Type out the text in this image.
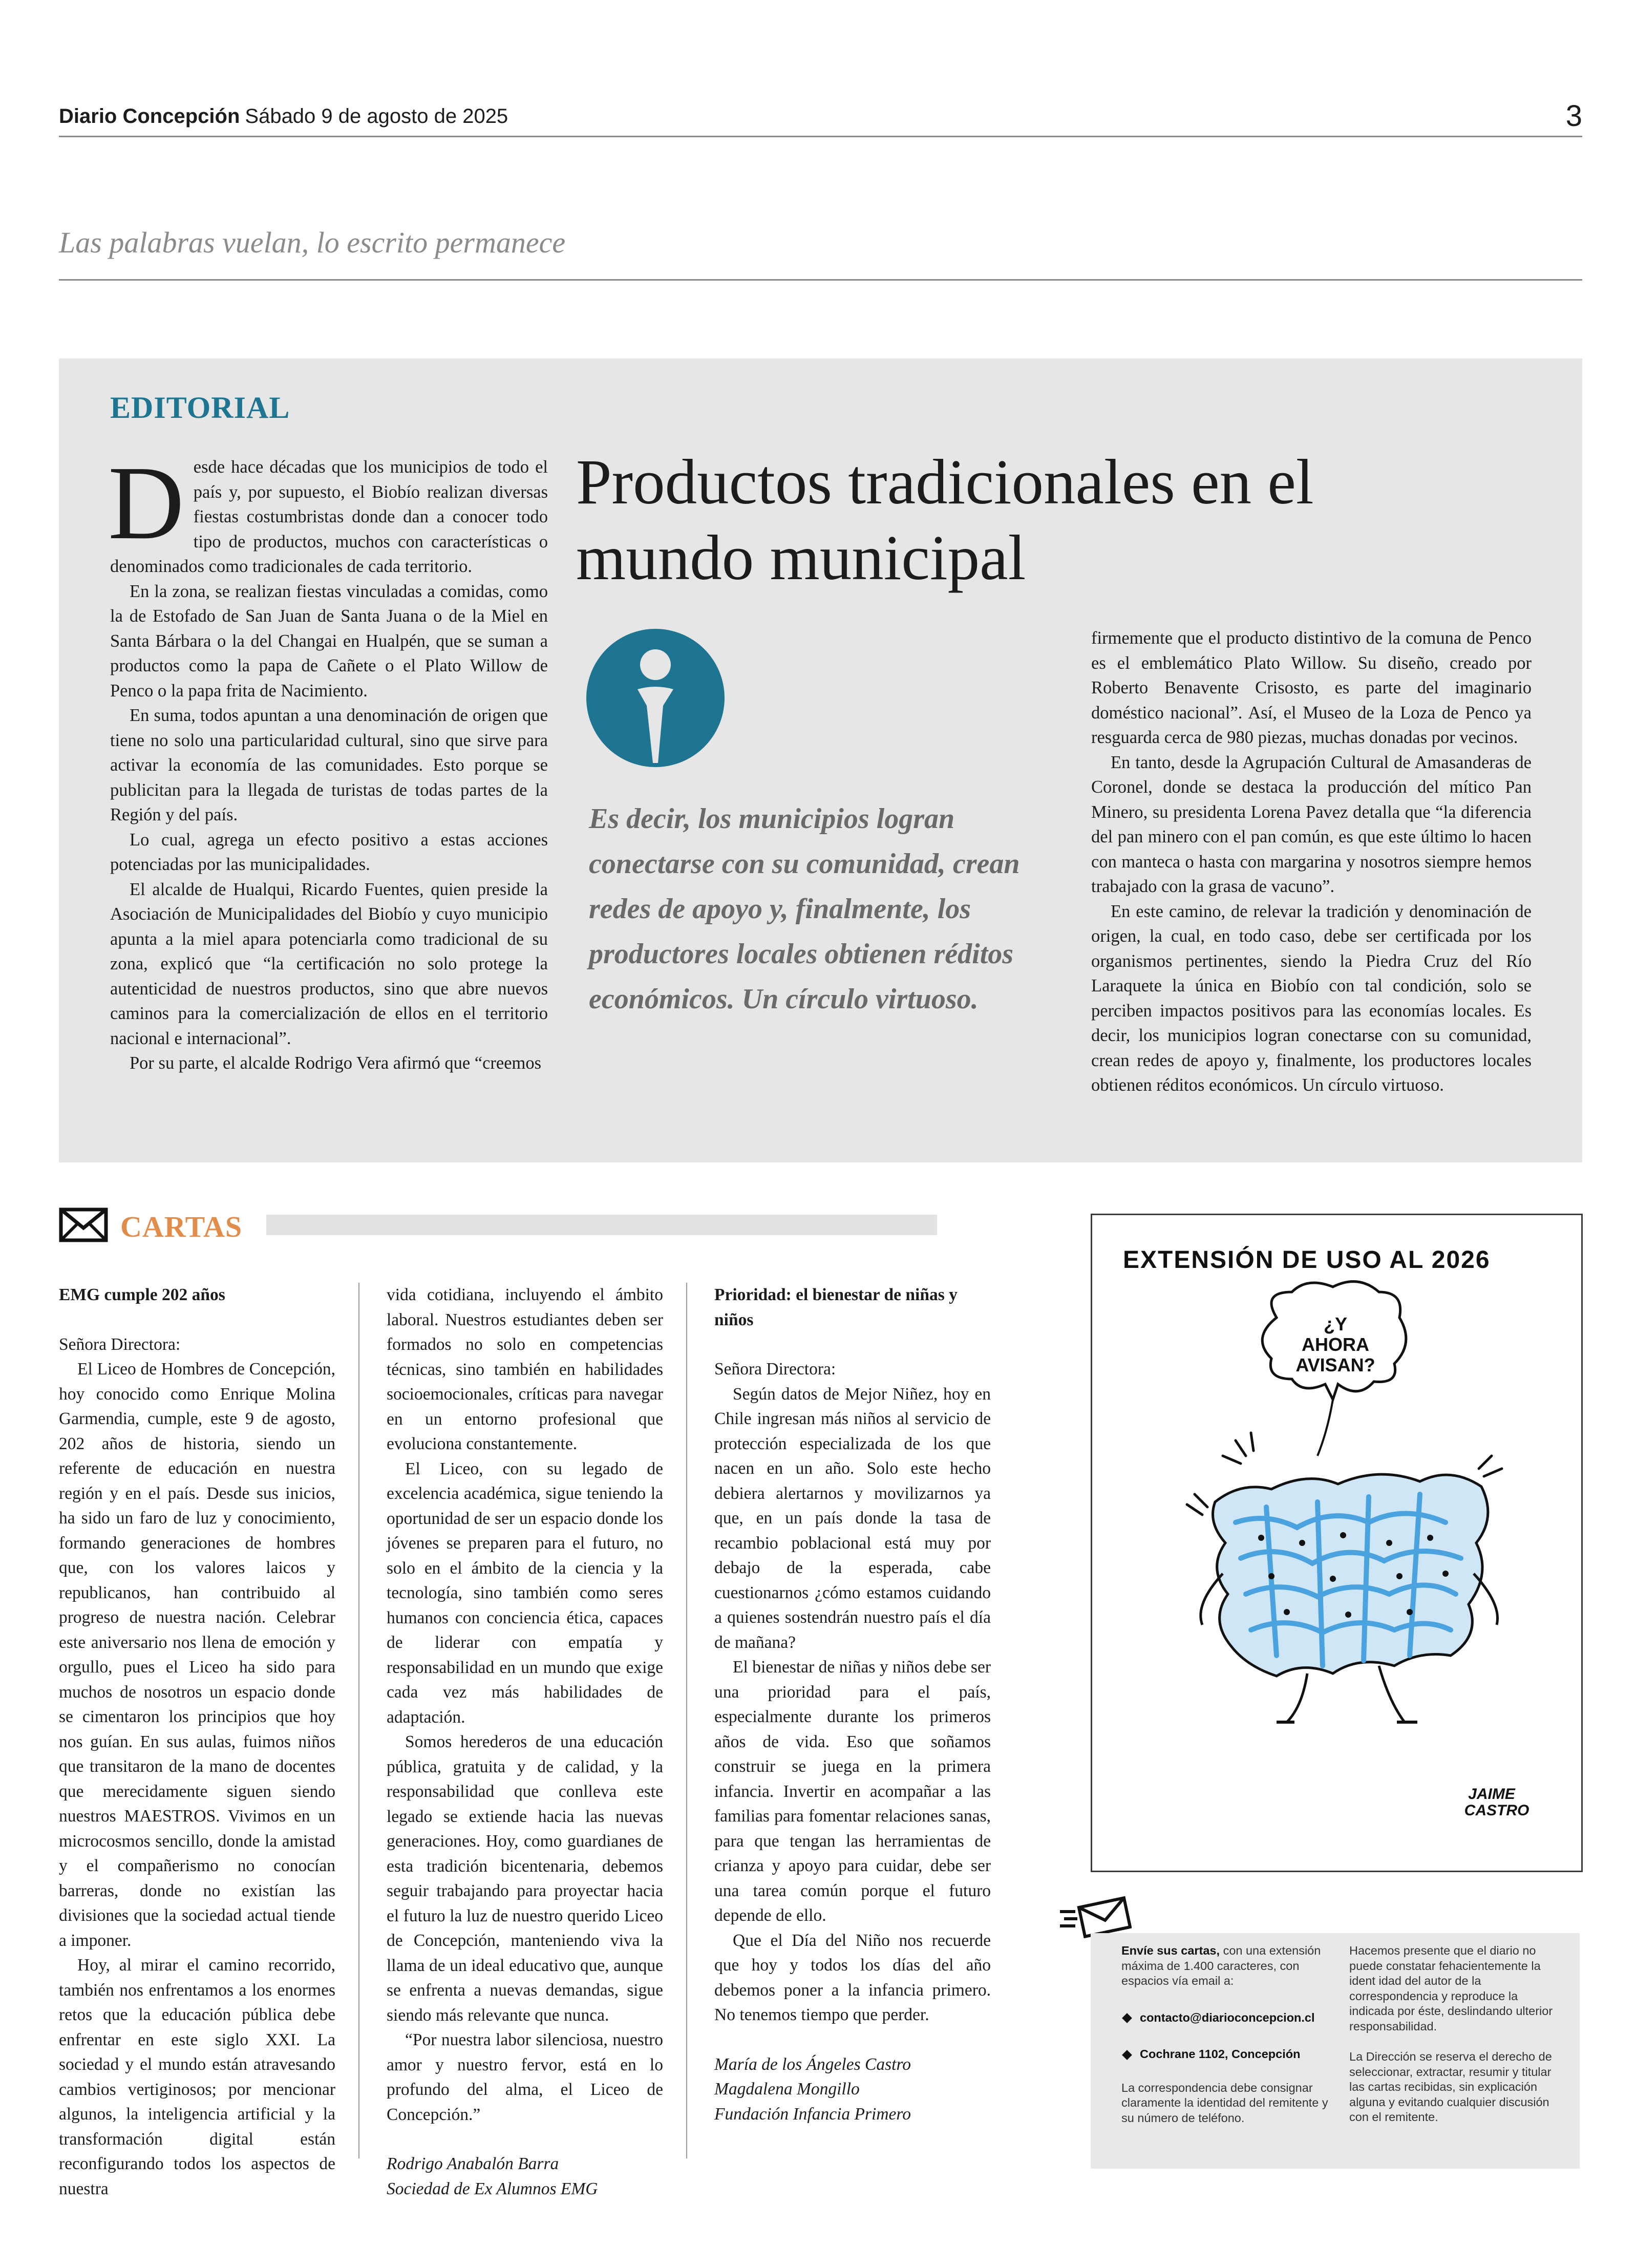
Diario Concepción Sábado 9 de agosto de 2025	3
Las palabras vuelan, lo escrito permanece
EDITORIAL

Desde hace décadas que los municipios de todo el país y, por supuesto, el Biobío realizan diversas fiestas costumbristas donde dan a conocer todo tipo de productos, muchos con características o denominados como tradicionales de cada territorio.

En la zona, se realizan fiestas vinculadas a comidas, como la de Estofado de San Juan de Santa Juana o de la Miel en Santa Bárbara o la del Changai en Hualpén, que se suman a productos como la papa de Cañete o el Plato Willow de Penco o la papa frita de Nacimiento.

En suma, todos apuntan a una denominación de origen que tiene no solo una particularidad cultural, sino que sirve para activar la economía de las comunidades. Esto porque se publicitan para la llegada de turistas de todas partes de la Región y del país.

Lo cual, agrega un efecto positivo a estas acciones potenciadas por las municipalidades.

El alcalde de Hualqui, Ricardo Fuentes, quien preside la Asociación de Municipalidades del Biobío y cuyo municipio apunta a la miel apara potenciarla como tradicional de su zona, explicó que “la certificación no solo protege la autenticidad de nuestros productos, sino que abre nuevos caminos para la comercialización de ellos en el territorio nacional e internacional”.

Por su parte, el alcalde Rodrigo Vera afirmó que “creemos

Productos tradicionales en el mundo municipal
Es decir, los municipios logran conectarse con su comunidad, crean redes de apoyo y, finalmente, los productores locales obtienen réditos económicos. Un círculo virtuoso.

firmemente que el producto distintivo de la comuna de Penco es el emblemático Plato Willow. Su diseño, creado por Roberto Benavente Crisosto, es parte del imaginario doméstico nacional”. Así, el Museo de la Loza de Penco ya resguarda cerca de 980 piezas, muchas donadas por vecinos.

En tanto, desde la Agrupación Cultural de Amasanderas de Coronel, donde se destaca la producción del mítico Pan Minero, su presidenta Lorena Pavez detalla que “la diferencia del pan minero con el pan común, es que este último lo hacen con manteca o hasta con margarina y nosotros siempre hemos trabajado con la grasa de vacuno”.

En este camino, de relevar la tradición y denominación de origen, la cual, en todo caso, debe ser certificada por los organismos pertinentes, siendo la Piedra Cruz del Río Laraquete la única en Biobío con tal condición, solo se perciben impactos positivos para las economías locales. Es decir, los municipios logran conectarse con su comunidad, crean redes de apoyo y, finalmente, los productores locales obtienen réditos económicos. Un círculo virtuoso.

CARTAS

EMG cumple 202 años

Señora Directora:

El Liceo de Hombres de Concepción, hoy conocido como Enrique Molina Garmendia, cumple, este 9 de agosto, 202 años de historia, siendo un referente de educación en nuestra región y en el país. Desde sus inicios, ha sido un faro de luz y conocimiento, formando generaciones de hombres que, con los valores laicos y republicanos, han contribuido al progreso de nuestra nación. Celebrar este aniversario nos llena de emoción y orgullo, pues el Liceo ha sido para muchos de nosotros un espacio donde se cimentaron los principios que hoy nos guían. En sus aulas, fuimos niños que transitaron de la mano de docentes que merecidamente siguen siendo nuestros MAESTROS. Vivimos en un microcosmos sencillo, donde la amistad y el compañerismo no conocían barreras, donde no existían las divisiones que la sociedad actual tiende a imponer.

Hoy, al mirar el camino recorrido, también nos enfrentamos a los enormes retos que la educación pública debe enfrentar en este siglo XXI. La sociedad y el mundo están atravesando cambios vertiginosos; por mencionar algunos, la inteligencia artificial y la transformación digital están reconfigurando todos los aspectos de nuestra

vida cotidiana, incluyendo el ámbito laboral. Nuestros estudiantes deben ser formados no solo en competencias técnicas, sino también en habilidades socioemocionales, críticas para navegar en un entorno profesional que evoluciona constantemente.

El Liceo, con su legado de excelencia académica, sigue teniendo la oportunidad de ser un espacio donde los jóvenes se preparen para el futuro, no solo en el ámbito de la ciencia y la tecnología, sino también como seres humanos con conciencia ética, capaces de liderar con empatía y responsabilidad en un mundo que exige cada vez más habilidades de adaptación.

Somos herederos de una educación pública, gratuita y de calidad, y la responsabilidad que conlleva este legado se extiende hacia las nuevas generaciones. Hoy, como guardianes de esta tradición bicentenaria, debemos seguir trabajando para proyectar hacia el futuro la luz de nuestro querido Liceo de Concepción, manteniendo viva la llama de un ideal educativo que, aunque se enfrenta a nuevas demandas, sigue siendo más relevante que nunca.

“Por nuestra labor silenciosa, nuestro amor y nuestro fervor, está en lo profundo del alma, el Liceo de Concepción.”

Rodrigo Anabalón Barra

Sociedad de Ex Alumnos EMG

Prioridad: el bienestar de niñas y niños

Señora Directora:

Según datos de Mejor Niñez, hoy en Chile ingresan más niños al servicio de protección especializada de los que nacen en un año. Solo este hecho debiera alertarnos y movilizarnos ya que, en un país donde la tasa de recambio poblacional está muy por debajo de la esperada, cabe cuestionarnos ¿cómo estamos cuidando a quienes sostendrán nuestro país el día de mañana?

El bienestar de niñas y niños debe ser una prioridad para el país, especialmente durante los primeros años de vida. Eso que soñamos construir se juega en la primera infancia. Invertir en acompañar a las familias para fomentar relaciones sanas, para que tengan las herramientas de crianza y apoyo para cuidar, debe ser una tarea común porque el futuro depende de ello.

Que el Día del Niño nos recuerde que hoy y todos los días del año debemos poner a la infancia primero. No tenemos tiempo que perder.

María de los Ángeles Castro

Magdalena Mongillo

Fundación Infancia Primero

EXTENSIÓN DE USO AL 2026
¿Y
AHORA
AVISAN?
JAIME
CASTRO
Envíe sus cartas, con una extensión máxima de 1.400 caracteres, con espacios vía email a:
contacto@diarioconcepcion.cl
Cochrane 1102, Concepción
La correspondencia debe consignar claramente la identidad del remitente y su número de teléfono.
Hacemos presente que el diario no puede constatar fehacientemente la ident idad del autor de la correspondencia y reproduce la indicada por éste, deslindando ulterior responsabilidad.
La Dirección se reserva el derecho de seleccionar, extractar, resumir y titular las cartas recibidas, sin explicación alguna y evitando cualquier discusión con el remitente.
